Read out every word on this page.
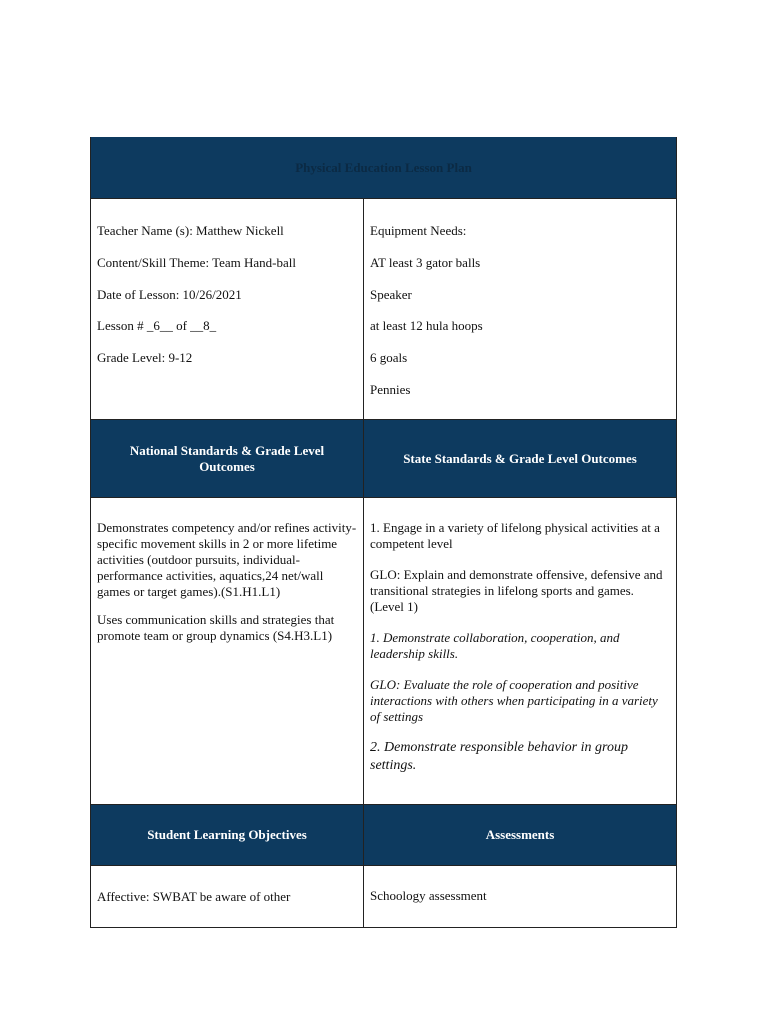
Physical Education Lesson Plan
Teacher Name (s): Matthew Nickell
Content/Skill Theme: Team Hand-ball
Date of Lesson: 10/26/2021
Lesson # _6__ of __8_
Grade Level: 9-12
Equipment Needs:
AT least 3 gator balls
Speaker
at least 12 hula hoops
6 goals
Pennies
National Standards & Grade Level Outcomes
State Standards & Grade Level Outcomes

Demonstrates competency and/or refines activity-specific movement skills in 2 or more lifetime activities (outdoor pursuits, individual-performance activities, aquatics,24 net/wall games or target games).(S1.H1.L1)

Uses communication skills and strategies that promote team or group dynamics (S4.H3.L1)

1. Engage in a variety of lifelong physical activities at a competent level

GLO: Explain and demonstrate offensive, defensive and transitional strategies in lifelong sports and games. (Level 1)

1. Demonstrate collaboration, cooperation, and leadership skills.

GLO: Evaluate the role of cooperation and positive interactions with others when participating in a variety of settings

2. Demonstrate responsible behavior in group settings.

Student Learning Objectives	Assessments
Affective: SWBAT be aware of other	Schoology assessment
